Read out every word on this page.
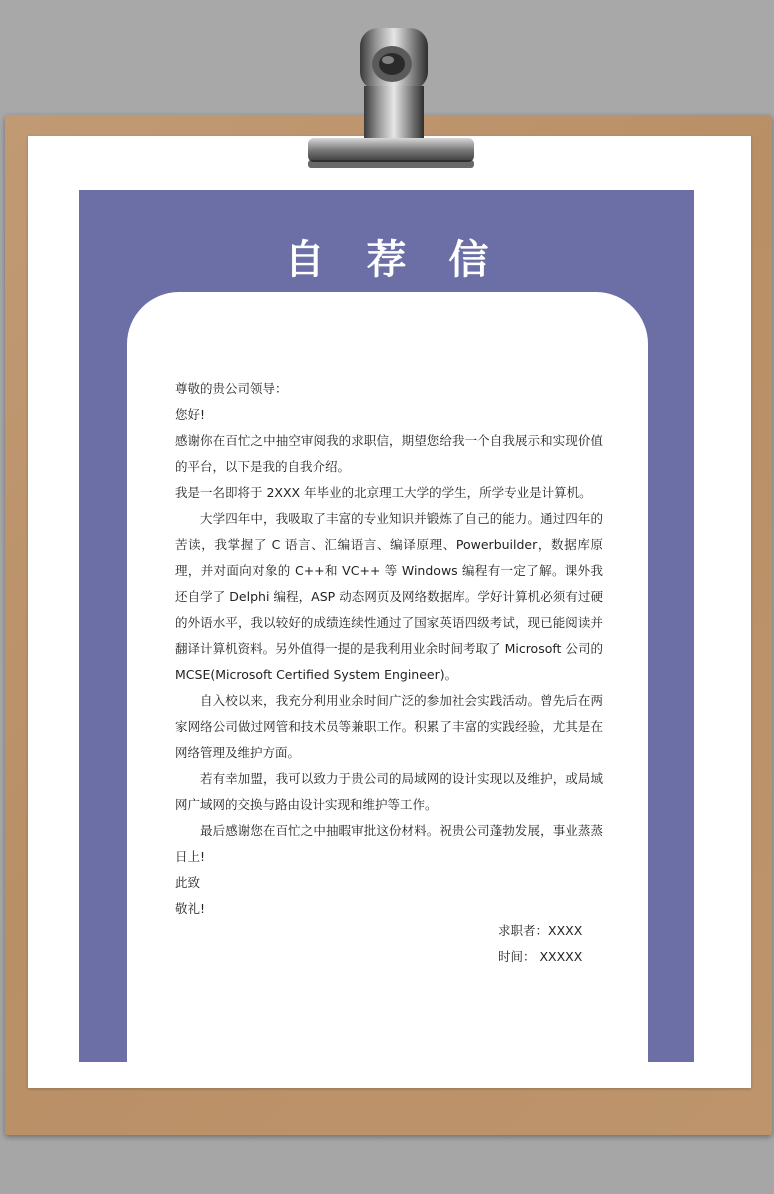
自 荐 信

尊敬的贵公司领导：

您好!

感谢你在百忙之中抽空审阅我的求职信，期望您给我一个自我展示和实现价值的平台，以下是我的自我介绍。

我是一名即将于 2XXX 年毕业的北京理工大学的学生，所学专业是计算机。

大学四年中，我吸取了丰富的专业知识并锻炼了自己的能力。通过四年的苦读，我掌握了 C 语言、汇编语言、编译原理、Powerbuilder，数据库原理，并对面向对象的 C++和 VC++ 等 Windows 编程有一定了解。课外我还自学了 Delphi 编程，ASP 动态网页及网络数据库。学好计算机必须有过硬的外语水平，我以较好的成绩连续性通过了国家英语四级考试，现已能阅读并翻译计算机资料。另外值得一提的是我利用业余时间考取了 Microsoft 公司的 MCSE(Microsoft Certified System Engineer)。

自入校以来，我充分利用业余时间广泛的参加社会实践活动。曾先后在两家网络公司做过网管和技术员等兼职工作。积累了丰富的实践经验，尤其是在网络管理及维护方面。

若有幸加盟，我可以致力于贵公司的局域网的设计实现以及维护，或局域网广域网的交换与路由设计实现和维护等工作。

最后感谢您在百忙之中抽暇审批这份材料。祝贵公司蓬勃发展，事业蒸蒸日上!

此致

敬礼!

求职者：XXXX
时间： XXXXX
